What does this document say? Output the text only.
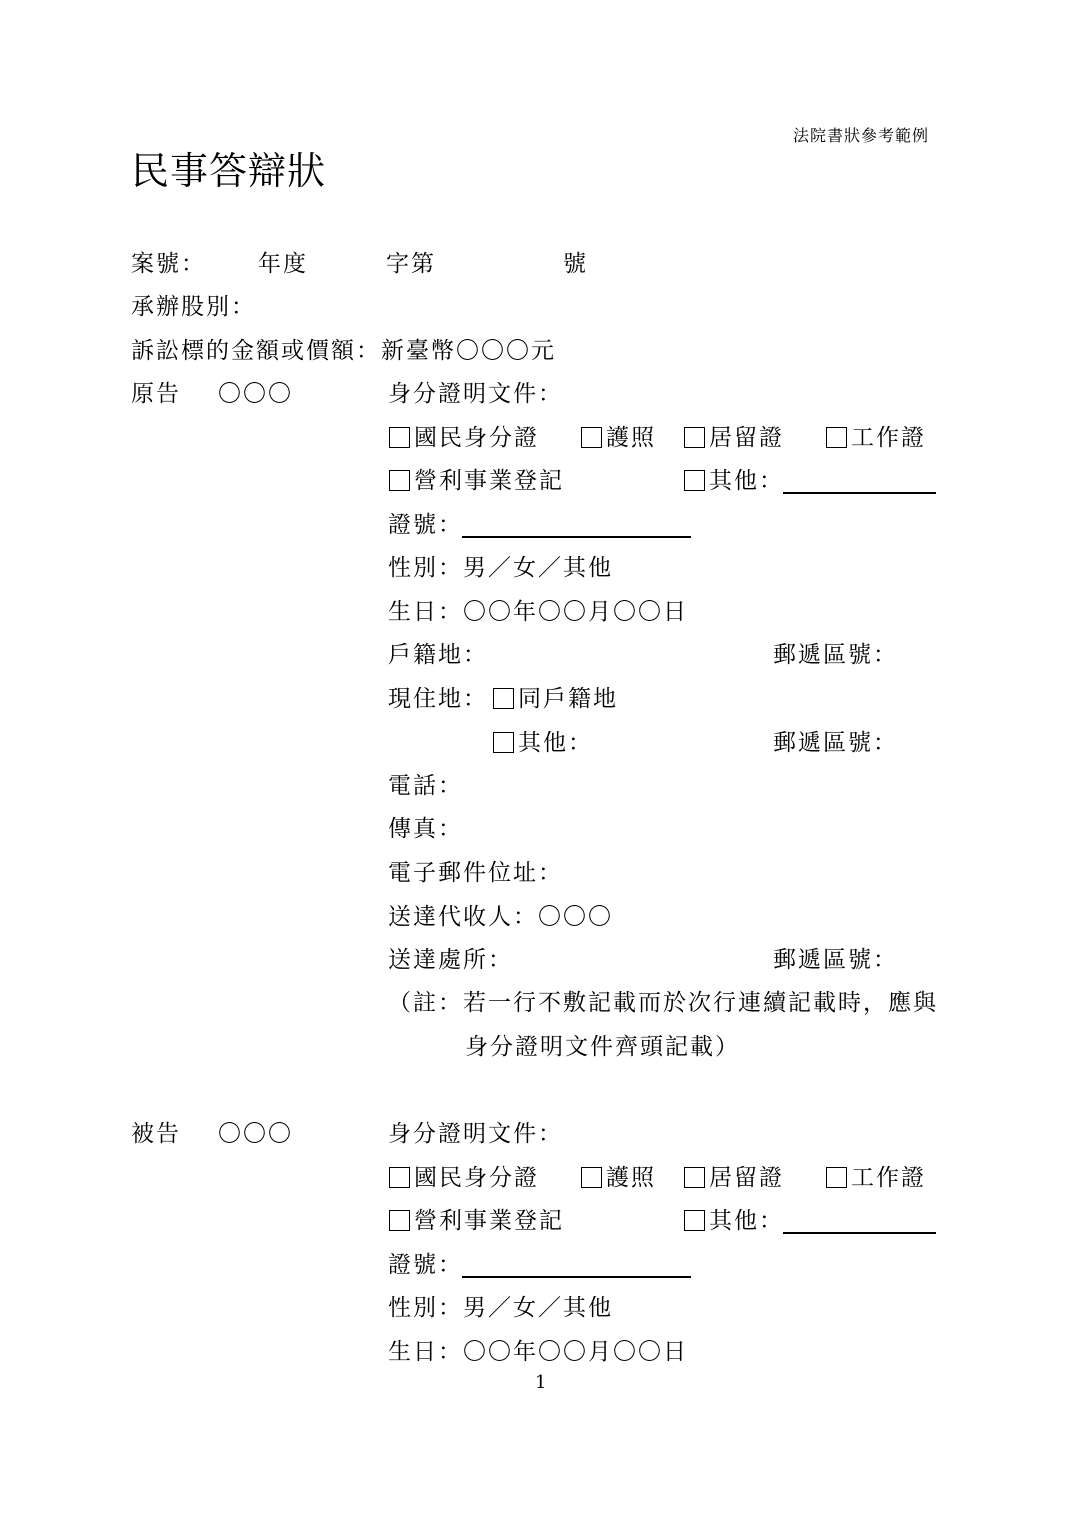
法院書狀參考範例
民事答辯狀
案號： 年度	字第	號
承辦股別：
訴訟標的金額或價額：新臺幣〇〇〇元
原告 〇〇〇	身分證明文件：
國民身分證	護照 居留證	工作證
營利事業登記	其他：
證號：
性別：男／女／其他
生日：〇〇年〇〇月〇〇日
戶籍地：	郵遞區號：
現住地： 同戶籍地
其他：	郵遞區號：
電話：
傳真：
電子郵件位址：
送達代收人：〇〇〇
送達處所：	郵遞區號：
（註：若一行不敷記載而於次行連續記載時，應與
身分證明文件齊頭記載）
被告 〇〇〇	身分證明文件：
國民身分證	護照 居留證	工作證
營利事業登記	其他：
證號：
性別：男／女／其他
生日：〇〇年〇〇月〇〇日
1
